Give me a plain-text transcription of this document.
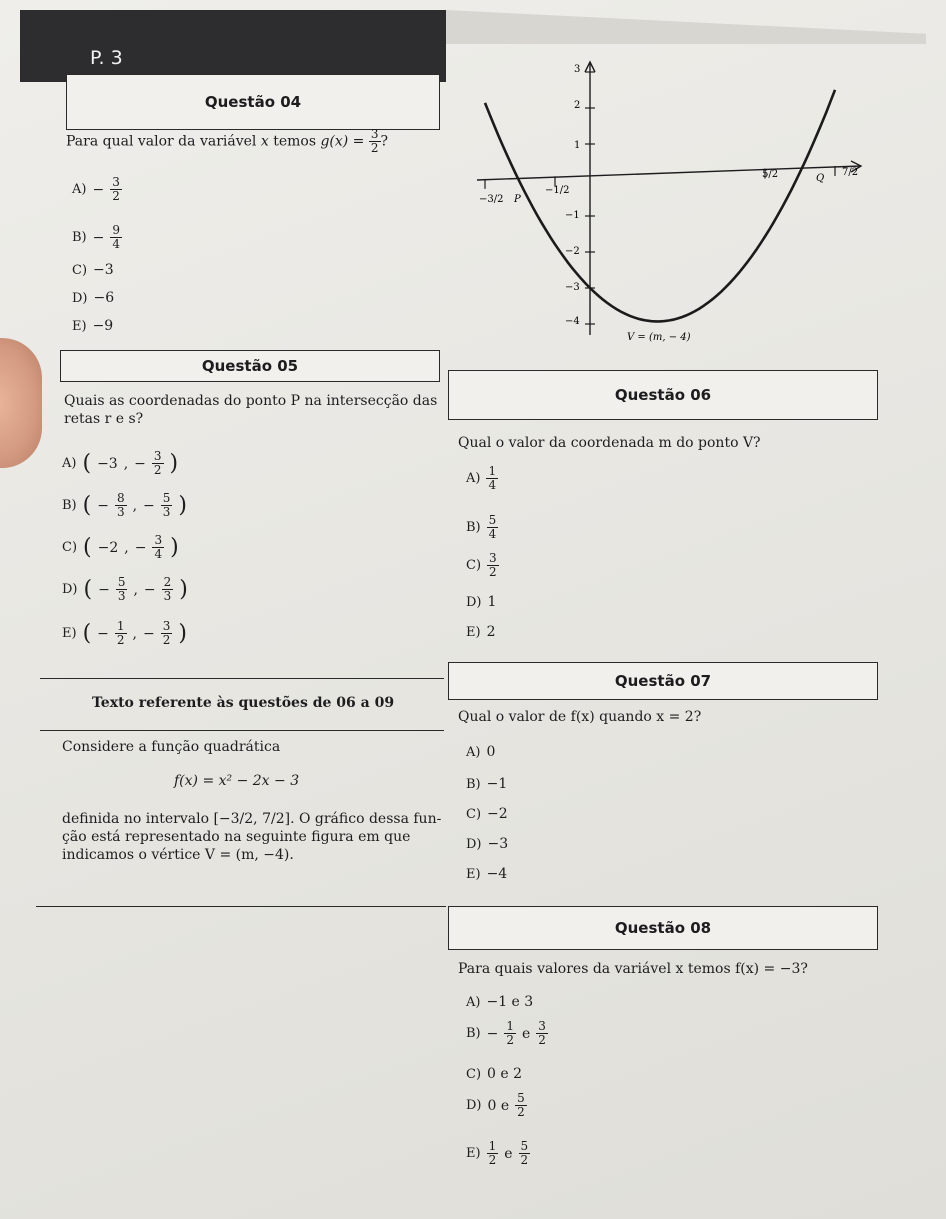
P. 3
Questão 04
Para qual valor da variável x temos $g(x) = \frac{3}{2}$ ?
$A) - \frac{3}{2}$
$B) - \frac{9}{4}$
C) −3
D) −6
E) −9
3
2
1
−1
−2
−3
−4
−3/2
−1/2
5/2	7/2
P
Q
V = (m, − 4)
Questão 05
Quais as coordenadas do ponto P na intersecção das
retas r e s?
A) ( −3 , − $\frac{3}{2}$ )
B) ( − $\frac{8}{3}$ , − $\frac{5}{3}$ )
C) ( −2 , − $\frac{3}{4}$ )
D) ( − $\frac{5}{3}$ , − $\frac{2}{3}$ )
E) ( − $\frac{1}{2}$ , − $\frac{3}{2}$ )
Questão 06
Qual o valor da coordenada m do ponto V?
$A) \frac{1}{4}$
$B) \frac{5}{4}$
$C) \frac{3}{2}$
D) 1
E) 2
Texto referente às questões de 06 a 09
Considere a função quadrática
f(x) = x² − 2x − 3
definida no intervalo [−3/2, 7/2]. O gráfico dessa fun-
ção está representado na seguinte figura em que
indicamos o vértice V = (m, −4).
Questão 07
Qual o valor de f(x) quando x = 2?
A) 0
B) −1
C) −2
D) −3
E) −4
Questão 08
Para quais valores da variável x temos f(x) = −3?
A) −1 e 3
$B) - \frac{1}{2}$ e $\frac{3}{2}$
C) 0 e 2
D) 0 e $\frac{5}{2}$
$E) \frac{1}{2}$ e $\frac{5}{2}$
